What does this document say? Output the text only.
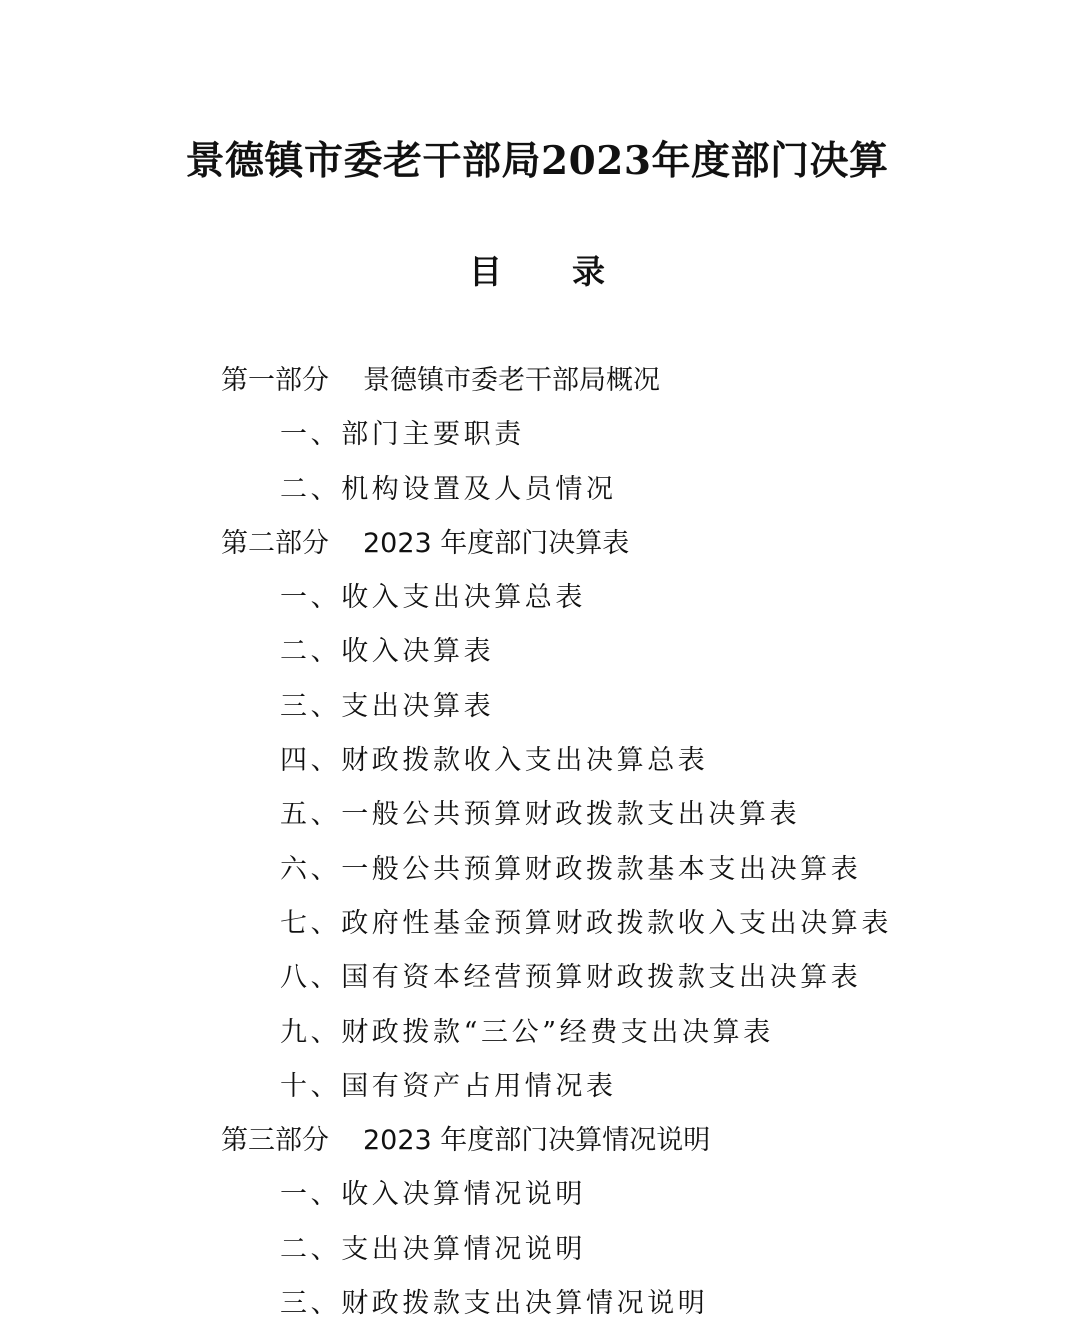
景德镇市委老干部局2023年度部门决算
目 录
第一部分 景德镇市委老干部局概况
一、部门主要职责
二、机构设置及人员情况
第二部分 2023 年度部门决算表
一、收入支出决算总表
二、收入决算表
三、支出决算表
四、财政拨款收入支出决算总表
五、一般公共预算财政拨款支出决算表
六、一般公共预算财政拨款基本支出决算表
七、政府性基金预算财政拨款收入支出决算表
八、国有资本经营预算财政拨款支出决算表
九、财政拨款“三公”经费支出决算表
十、国有资产占用情况表
第三部分 2023 年度部门决算情况说明
一、收入决算情况说明
二、支出决算情况说明
三、财政拨款支出决算情况说明
